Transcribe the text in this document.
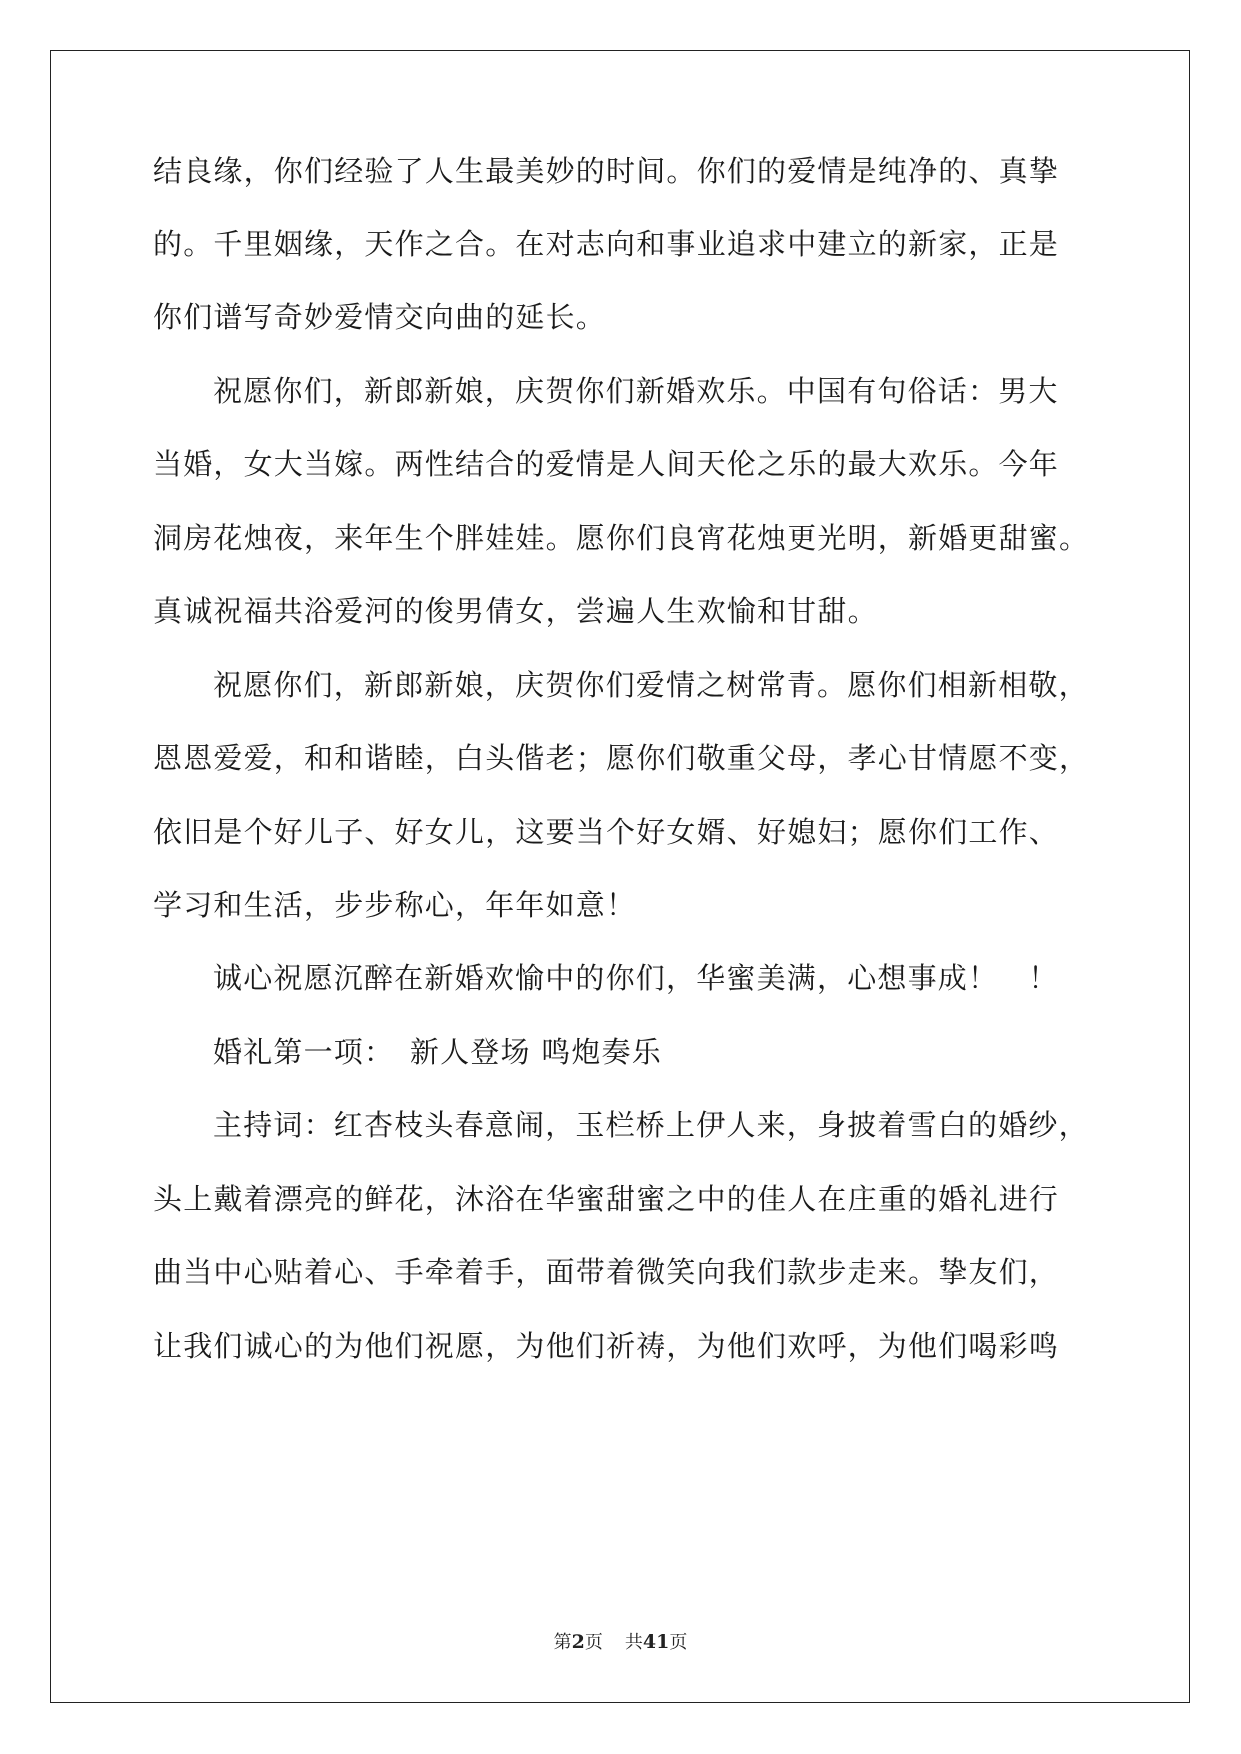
结良缘，你们经验了人生最美妙的时间。你们的爱情是纯净的、真挚
的。千里姻缘，天作之合。在对志向和事业追求中建立的新家，正是
你们谱写奇妙爱情交向曲的延长。
祝愿你们，新郎新娘，庆贺你们新婚欢乐。中国有句俗话：男大
当婚，女大当嫁。两性结合的爱情是人间天伦之乐的最大欢乐。今年
洞房花烛夜，来年生个胖娃娃。愿你们良宵花烛更光明，新婚更甜蜜。
真诚祝福共浴爱河的俊男倩女，尝遍人生欢愉和甘甜。
祝愿你们，新郎新娘，庆贺你们爱情之树常青。愿你们相新相敬，
恩恩爱爱，和和谐睦，白头偕老；愿你们敬重父母，孝心甘情愿不变，
依旧是个好儿子、好女儿，这要当个好女婿、好媳妇；愿你们工作、
学习和生活，步步称心，年年如意！
诚心祝愿沉醉在新婚欢愉中的你们，华蜜美满，心想事成！　！
婚礼第一项：　新人登场 鸣炮奏乐
主持词：红杏枝头春意闹，玉栏桥上伊人来，身披着雪白的婚纱，
头上戴着漂亮的鲜花，沐浴在华蜜甜蜜之中的佳人在庄重的婚礼进行
曲当中心贴着心、手牵着手，面带着微笑向我们款步走来。挚友们，
让我们诚心的为他们祝愿，为他们祈祷，为他们欢呼，为他们喝彩鸣
第2页 共41页
